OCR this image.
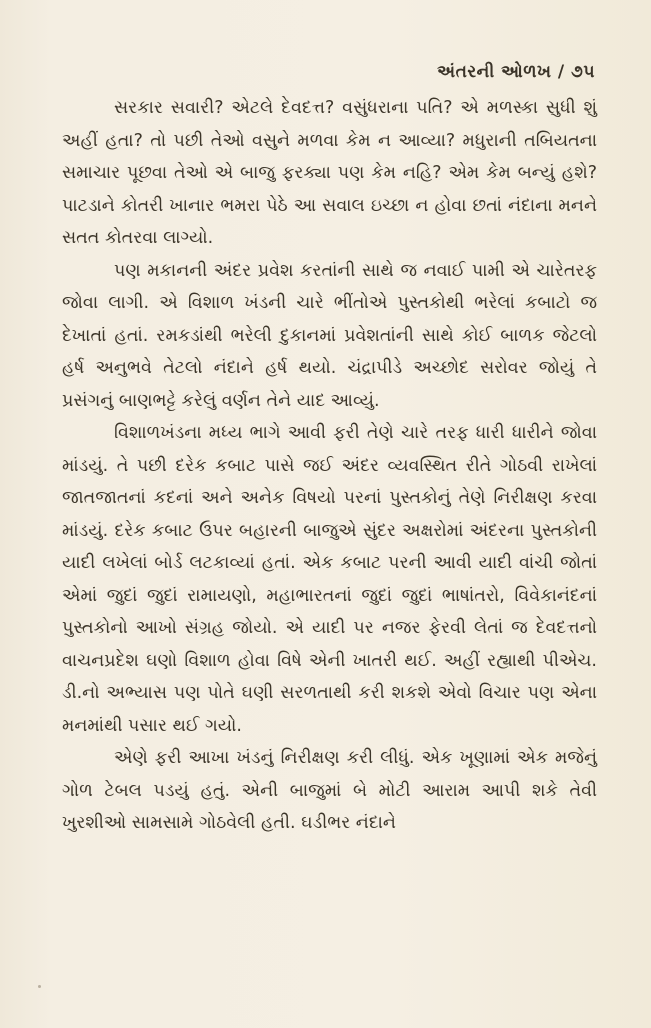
અંતરની ઓળખ / ૭૫

સરકાર સવારી? એટલે દેવદત્ત? વસુંધરાના પતિ? એ મળસ્કા સુધી શું અહીં હતા? તો પછી તેઓ વસુને મળવા કેમ ન આવ્યા? મધુરાની તબિયતના સમાચાર પૂછવા તેઓ એ બાજુ ફરક્યા પણ કેમ નહિ? એમ કેમ બન્યું હશે? પાટડાને કોતરી ખાનાર ભમરા પેઠે આ સવાલ ઇચ્છા ન હોવા છતાં નંદાના મનને સતત કોતરવા લાગ્યો.

પણ મકાનની અંદર પ્રવેશ કરતાંની સાથે જ નવાઈ પામી એ ચારેતરફ જોવા લાગી. એ વિશાળ ખંડની ચારે ભીંતોએ પુસ્તકોથી ભરેલાં કબાટો જ દેખાતાં હતાં. રમકડાંથી ભરેલી દુકાનમાં પ્રવેશતાંની સાથે કોઈ બાળક જેટલો હર્ષ અનુભવે તેટલો નંદાને હર્ષ થયો. ચંદ્રાપીડે અચ્છોદ સરોવર જોયું તે પ્રસંગનું બાણભટ્ટે કરેલું વર્ણન તેને યાદ આવ્યું.

વિશાળખંડના મધ્ય ભાગે આવી ફરી તેણે ચારે તરફ ધારી ધારીને જોવા માંડયું. તે પછી દરેક કબાટ પાસે જઈ અંદર વ્યવસ્થિત રીતે ગોઠવી રાખેલાં જાતજાતનાં કદનાં અને અનેક વિષયો પરનાં પુસ્તકોનું તેણે નિરીક્ષણ કરવા માંડયું. દરેક કબાટ ઉપર બહારની બાજુએ સુંદર અક્ષરોમાં અંદરના પુસ્તકોની યાદી લખેલાં બોર્ડ લટકાવ્યાં હતાં. એક કબાટ પરની આવી યાદી વાંચી જોતાં એમાં જુદાં જુદાં રામાયણો, મહાભારતનાં જુદાં જુદાં ભાષાંતરો, વિવેકાનંદનાં પુસ્તકોનો આખો સંગ્રહ જોયો. એ યાદી પર નજર ફેરવી લેતાં જ દેવદત્તનો વાચનપ્રદેશ ઘણો વિશાળ હોવા વિષે એની ખાતરી થઈ. અહીં રહ્યાથી પીએચ. ડી.નો અભ્યાસ પણ પોતે ઘણી સરળતાથી કરી શકશે એવો વિચાર પણ એના મનમાંથી પસાર થઈ ગયો.

એણે ફરી આખા ખંડનું નિરીક્ષણ કરી લીધું. એક ખૂણામાં એક મજેનું ગોળ ટેબલ પડયું હતું. એની બાજુમાં બે મોટી આરામ આપી શકે તેવી ખુરશીઓ સામસામે ગોઠવેલી હતી. ઘડીભર નંદાને
